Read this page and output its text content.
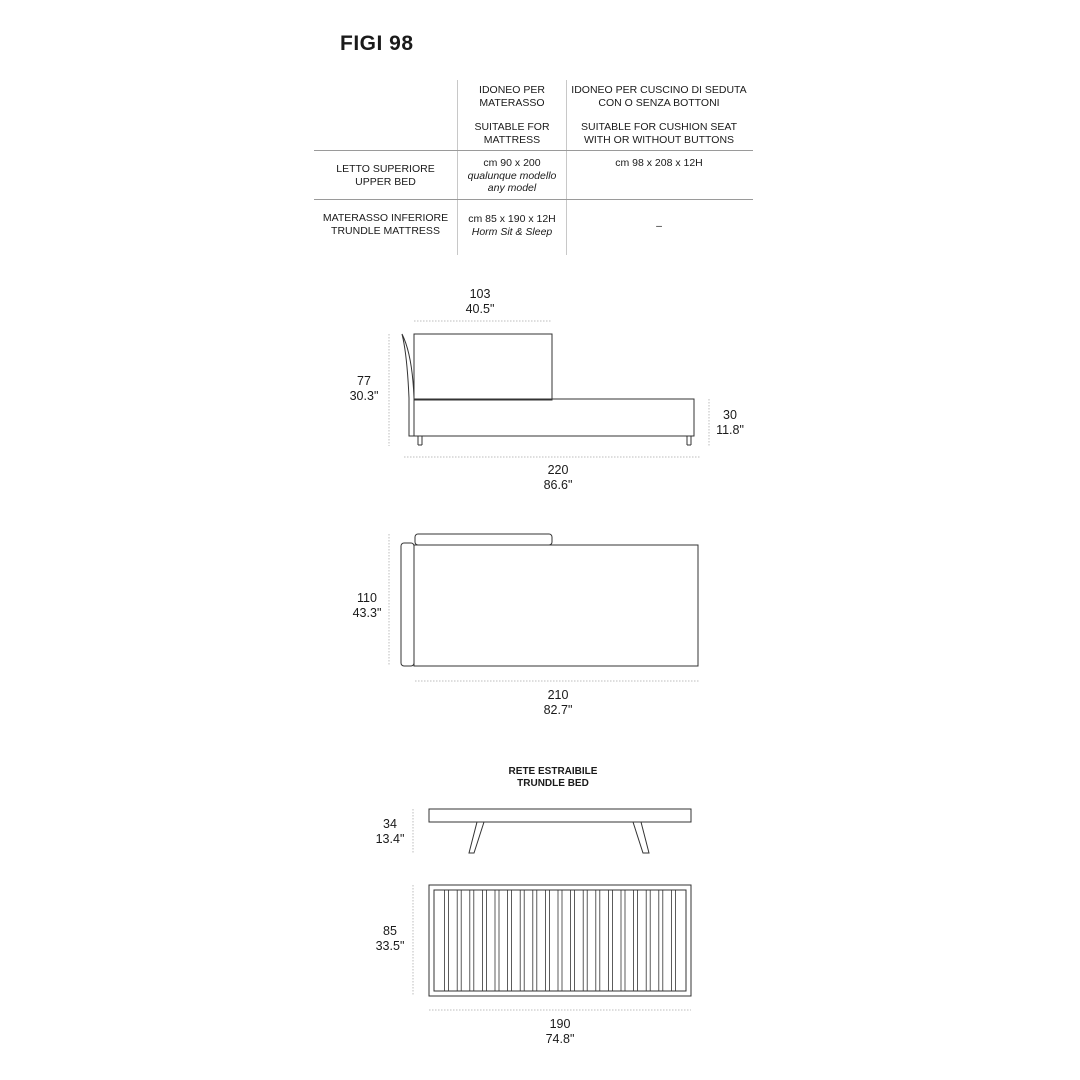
FIGI 98
IDONEO PER
MATERASSO
SUITABLE FOR
MATTRESS
IDONEO PER CUSCINO DI SEDUTA
CON O SENZA BOTTONI
SUITABLE FOR CUSHION SEAT
WITH OR WITHOUT BUTTONS
LETTO SUPERIORE
UPPER BED
cm 90 x 200
qualunque modello
any model
cm 98 x 208 x 12H
MATERASSO INFERIORE
TRUNDLE MATTRESS
cm 85 x 190 x 12H
Horm Sit & Sleep	–
103
40.5"
77
30.3"
30
11.8"
220
86.6"
110
43.3"
210
82.7"
RETE ESTRAIBILE
TRUNDLE BED
34
13.4"
85
33.5"
190
74.8"
